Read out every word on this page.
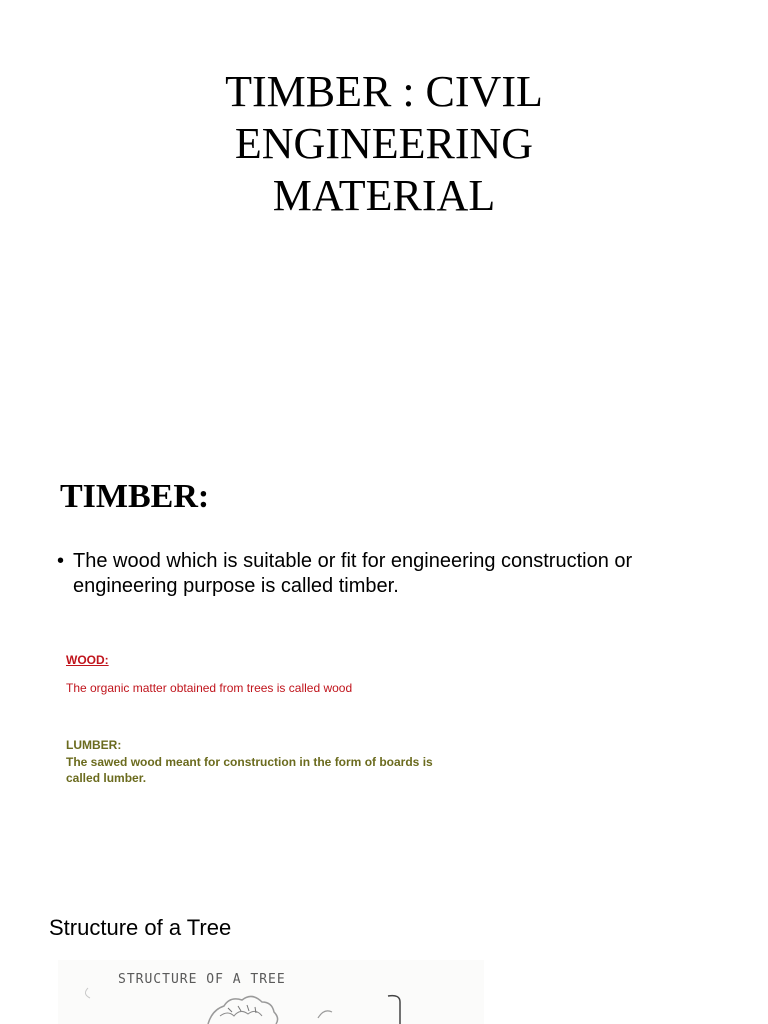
TIMBER : CIVIL
ENGINEERING
MATERIAL
TIMBER:
• The wood which is suitable or fit for engineering construction or engineering purpose is called timber.
WOOD:
The organic matter obtained from trees is called wood
LUMBER:
The sawed wood meant for construction in the form of boards is called lumber.
Structure of a Tree
STRUCTURE OF A TREE
